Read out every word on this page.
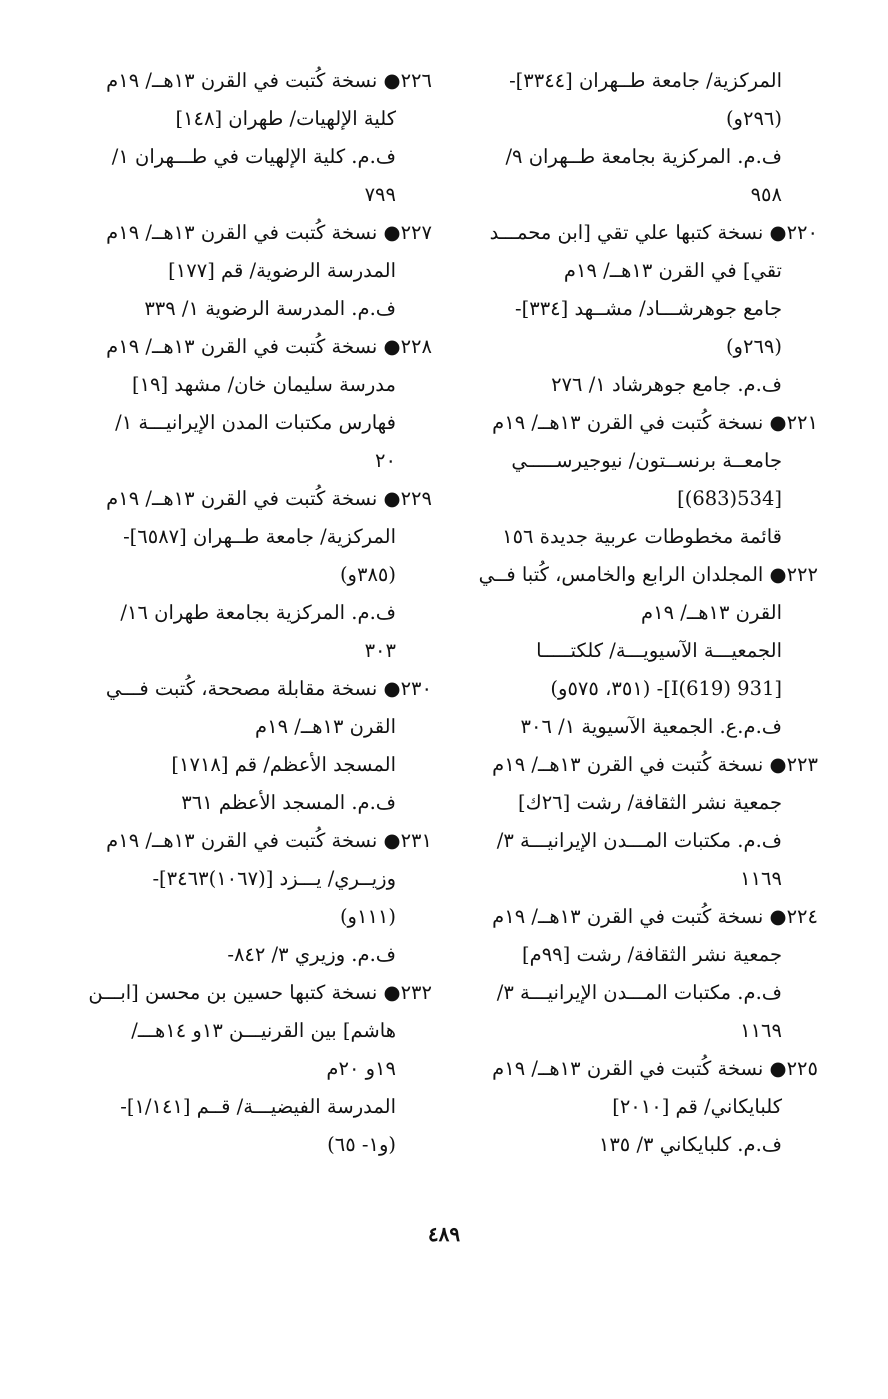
المركزية/ جامعة طــهران [٣٣٤٤]-
(٢٩٦و)
ف.م. المركزية بجامعة طــهران ٩/
٩٥٨
٢٢٠● نسخة كتبها علي تقي [ابن محمـــد
تقي] في القرن ١٣هــ/ ١٩م
جامع جوهرشـــاد/ مشــهد [٣٣٤]-
(٢٦٩و)
ف.م. جامع جوهرشاد ١/ ٢٧٦
٢٢١● نسخة كُتبت في القرن ١٣هــ/ ١٩م
جامعــة برنســتون/ نيوجيرســـــي
[534(683)]
قائمة مخطوطات عربية جديدة ١٥٦
٢٢٢● المجلدان الرابع والخامس، كُتبا فــي
القرن ١٣هــ/ ١٩م
الجمعيـــة الآسيويـــة/ كلكتـــــا
[931 I(619)]- (٣٥١، ٥٧٥و)
ف.م.ع. الجمعية الآسيوية ١/ ٣٠٦
٢٢٣● نسخة كُتبت في القرن ١٣هــ/ ١٩م
جمعية نشر الثقافة/ رشت [٢٦ك]
ف.م. مكتبات المـــدن الإيرانيـــة ٣/
١١٦٩
٢٢٤● نسخة كُتبت في القرن ١٣هــ/ ١٩م
جمعية نشر الثقافة/ رشت [٩٩م]
ف.م. مكتبات المـــدن الإيرانيـــة ٣/
١١٦٩
٢٢٥● نسخة كُتبت في القرن ١٣هــ/ ١٩م
كلبايكاني/ قم [٢٠١٠]
ف.م. كلبايكاني ٣/ ١٣٥
٢٢٦● نسخة كُتبت في القرن ١٣هــ/ ١٩م
كلية الإلهيات/ طهران [١٤٨]
ف.م. كلية الإلهيات في طـــهران ١/
٧٩٩
٢٢٧● نسخة كُتبت في القرن ١٣هــ/ ١٩م
المدرسة الرضوية/ قم [١٧٧]
ف.م. المدرسة الرضوية ١/ ٣٣٩
٢٢٨● نسخة كُتبت في القرن ١٣هــ/ ١٩م
مدرسة سليمان خان/ مشهد [١٩]
فهارس مكتبات المدن الإيرانيـــة ١/
٢٠
٢٢٩● نسخة كُتبت في القرن ١٣هــ/ ١٩م
المركزية/ جامعة طــهران [٦٥٨٧]-
(٣٨٥و)
ف.م. المركزية بجامعة طهران ١٦/
٣٠٣
٢٣٠● نسخة مقابلة مصححة، كُتبت فـــي
القرن ١٣هــ/ ١٩م
المسجد الأعظم/ قم [١٧١٨]
ف.م. المسجد الأعظم ٣٦١
٢٣١● نسخة كُتبت في القرن ١٣هــ/ ١٩م
وزيــري/ يـــزد [(١٠٦٧)٣٤٦٣]-
(١١١و)
ف.م. وزيري ٣/ ٨٤٢-
٢٣٢● نسخة كتبها حسين بن محسن [ابـــن
هاشم] بين القرنيـــن ١٣و ١٤هـــ/
١٩و ٢٠م
المدرسة الفيضيـــة/ قــم [١/١٤١]-
(و١- ٦٥)
٤٨٩
